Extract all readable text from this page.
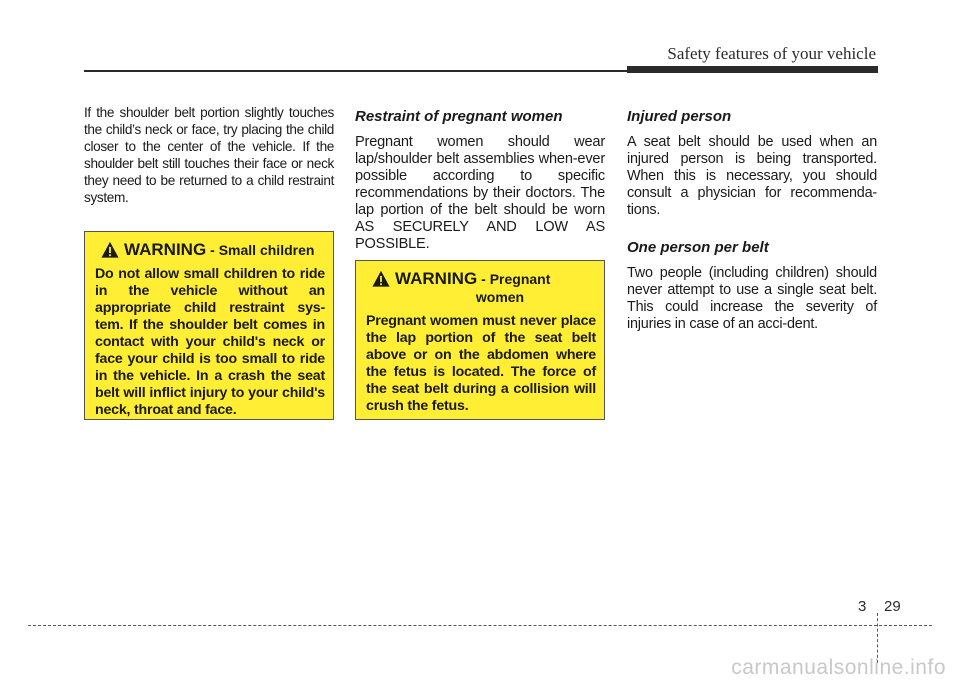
Safety features of your vehicle

If the shoulder belt portion slightly touches the child’s neck or face, try placing the child closer to the center of the vehicle. If the shoulder belt still touches their face or neck they need to be returned to a child restraint system.

WARNING - Small children

Do not allow small children to ride in the vehicle without an appropriate child restraint sys-tem. If the shoulder belt comes in contact with your child's neck or face your child is too small to ride in the vehicle. In a crash the seat belt will inflict injury to your child's neck, throat and face.

Restraint of pregnant women

Pregnant women should wear lap/shoulder belt assemblies when-ever possible according to specific recommendations by their doctors. The lap portion of the belt should be worn AS SECURELY AND LOW AS POSSIBLE.

WARNING - Pregnant
women

Pregnant women must never place the lap portion of the seat belt above or on the abdomen where the fetus is located. The force of the seat belt during a collision will crush the fetus.

Injured person

A seat belt should be used when an injured person is being transported. When this is necessary, you should consult a physician for recommenda-tions.

One person per belt

Two people (including children) should never attempt to use a single seat belt. This could increase the severity of injuries in case of an acci-dent.

3 29
carmanualsonline.info
